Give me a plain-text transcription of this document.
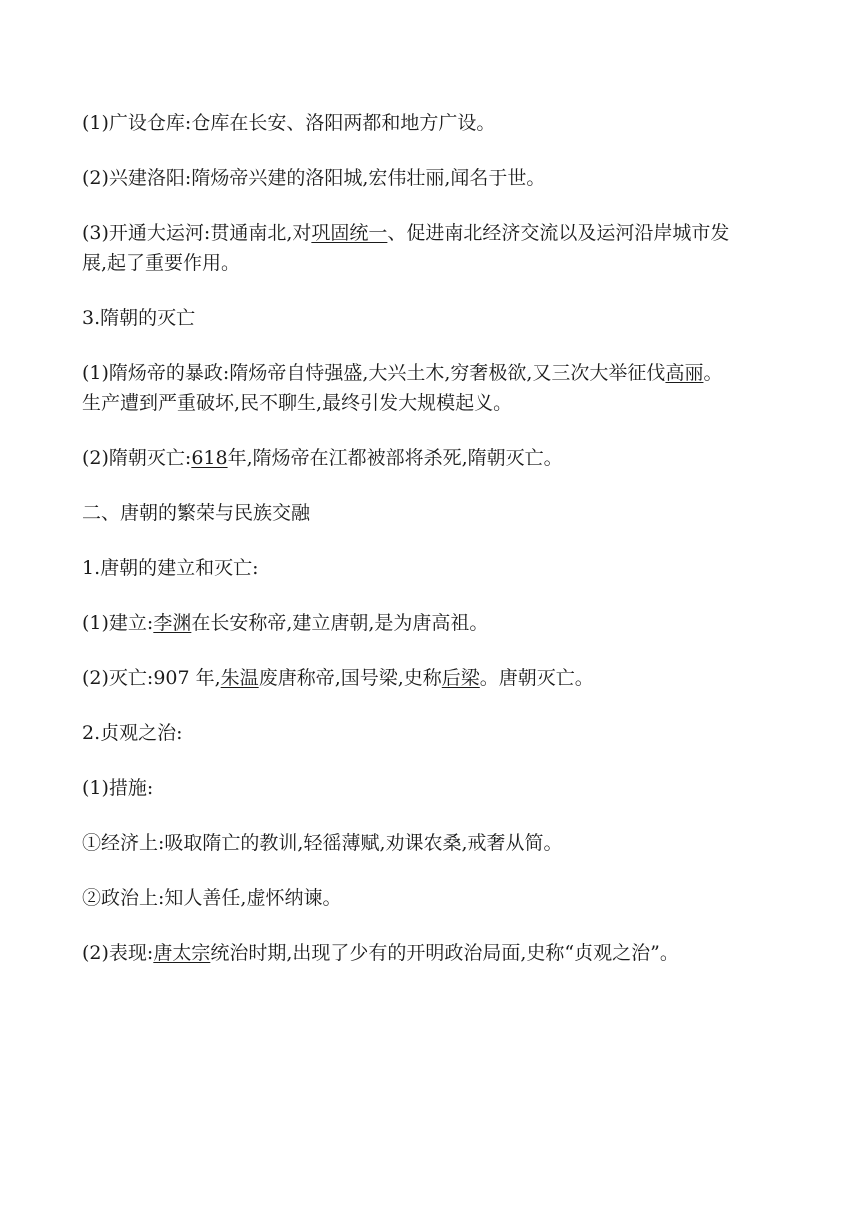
(1)广设仓库:仓库在长安、洛阳两都和地方广设。

(2)兴建洛阳:隋炀帝兴建的洛阳城,宏伟壮丽,闻名于世。

(3)开通大运河:贯通南北,对巩固统一、促进南北经济交流以及运河沿岸城市发

展,起了重要作用。

3.隋朝的灭亡

(1)隋炀帝的暴政:隋炀帝自恃强盛,大兴土木,穷奢极欲,又三次大举征伐高丽。

生产遭到严重破坏,民不聊生,最终引发大规模起义。

(2)隋朝灭亡:618年,隋炀帝在江都被部将杀死,隋朝灭亡。

二、唐朝的繁荣与民族交融

1.唐朝的建立和灭亡:

(1)建立:李渊在长安称帝,建立唐朝,是为唐高祖。

(2)灭亡:907 年,朱温废唐称帝,国号梁,史称后梁。唐朝灭亡。

2.贞观之治:

(1)措施:

①经济上:吸取隋亡的教训,轻徭薄赋,劝课农桑,戒奢从简。

②政治上:知人善任,虚怀纳谏。

(2)表现:唐太宗统治时期,出现了少有的开明政治局面,史称“贞观之治”。
